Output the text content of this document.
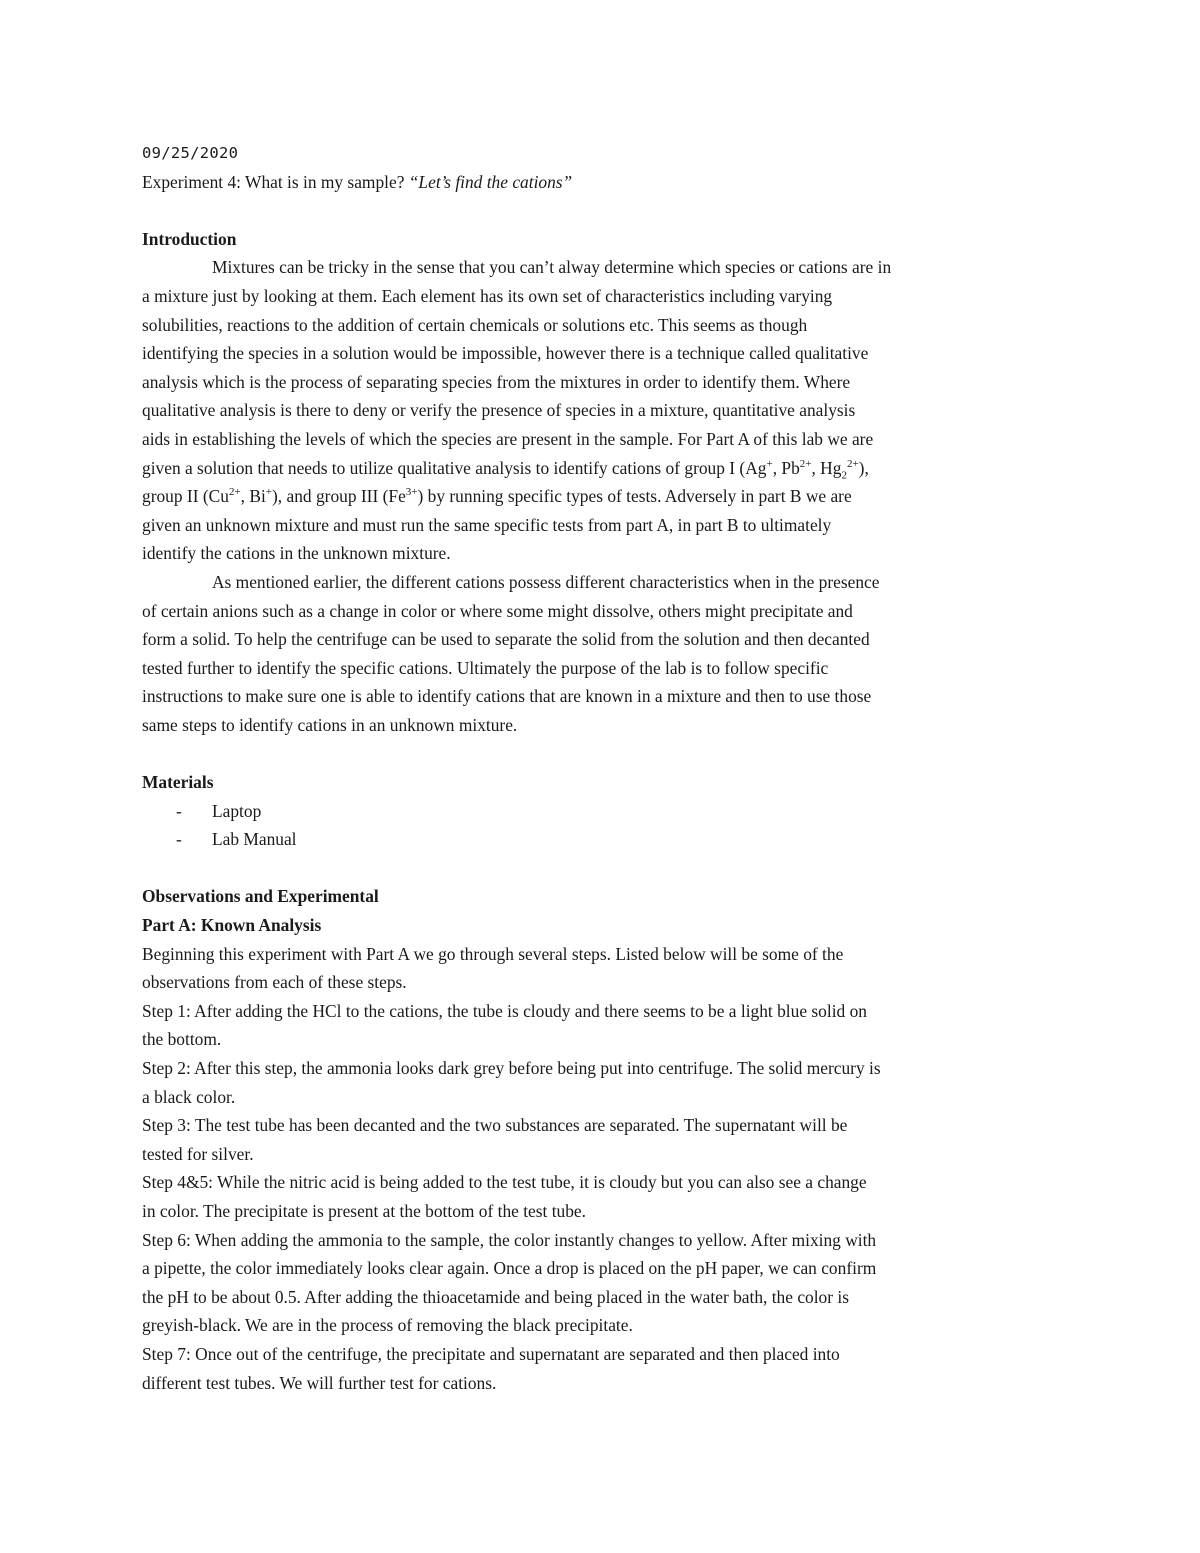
09/25/2020
Experiment 4: What is in my sample? “Let’s find the cations”
Introduction
Mixtures can be tricky in the sense that you can’t alway determine which species or cations are in
a mixture just by looking at them. Each element has its own set of characteristics including varying
solubilities, reactions to the addition of certain chemicals or solutions etc. This seems as though
identifying the species in a solution would be impossible, however there is a technique called qualitative
analysis which is the process of separating species from the mixtures in order to identify them. Where
qualitative analysis is there to deny or verify the presence of species in a mixture, quantitative analysis
aids in establishing the levels of which the species are present in the sample. For Part A of this lab we are
given a solution that needs to utilize qualitative analysis to identify cations of group I (Ag+, $Pb^{2+}$, $Hg_2^{2+}$),
group II ($Cu^{2+}$, Bi+), and group III $(Fe^{3+})$ by running specific types of tests. Adversely in part B we are
given an unknown mixture and must run the same specific tests from part A, in part B to ultimately
identify the cations in the unknown mixture.
As mentioned earlier, the different cations possess different characteristics when in the presence
of certain anions such as a change in color or where some might dissolve, others might precipitate and
form a solid. To help the centrifuge can be used to separate the solid from the solution and then decanted
tested further to identify the specific cations. Ultimately the purpose of the lab is to follow specific
instructions to make sure one is able to identify cations that are known in a mixture and then to use those
same steps to identify cations in an unknown mixture.
Materials
- Laptop
- Lab Manual
Observations and Experimental
Part A: Known Analysis
Beginning this experiment with Part A we go through several steps. Listed below will be some of the
observations from each of these steps.
Step 1: After adding the HCl to the cations, the tube is cloudy and there seems to be a light blue solid on
the bottom.
Step 2: After this step, the ammonia looks dark grey before being put into centrifuge. The solid mercury is
a black color.
Step 3: The test tube has been decanted and the two substances are separated. The supernatant will be
tested for silver.
Step 4&5: While the nitric acid is being added to the test tube, it is cloudy but you can also see a change
in color. The precipitate is present at the bottom of the test tube.
Step 6: When adding the ammonia to the sample, the color instantly changes to yellow. After mixing with
a pipette, the color immediately looks clear again. Once a drop is placed on the pH paper, we can confirm
the pH to be about 0.5. After adding the thioacetamide and being placed in the water bath, the color is
greyish-black. We are in the process of removing the black precipitate.
Step 7: Once out of the centrifuge, the precipitate and supernatant are separated and then placed into
different test tubes. We will further test for cations.
